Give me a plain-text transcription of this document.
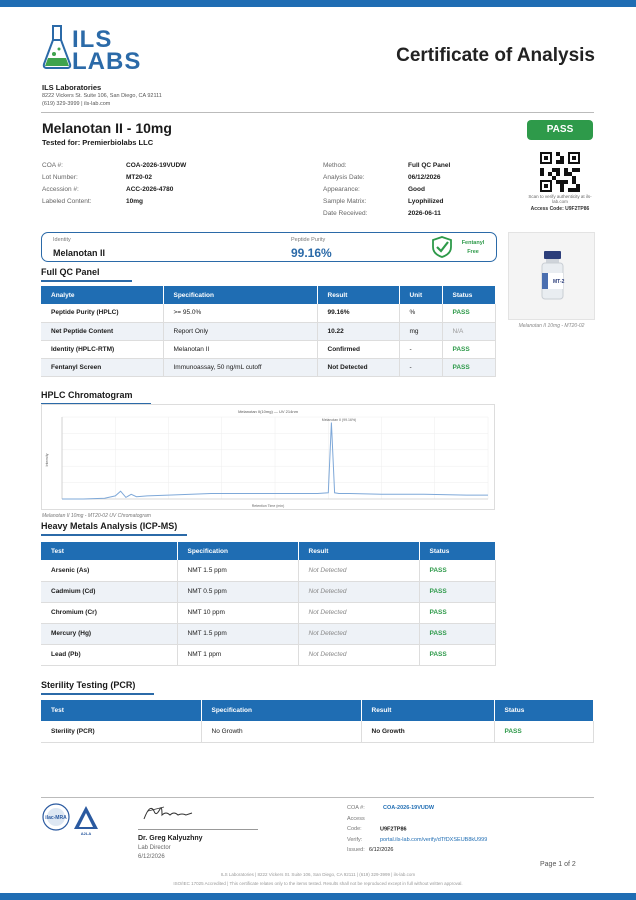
ILS
LABS	Certificate of Analysis
ILS Laboratories
8222 Vickers St. Suite 106, San Diego, CA 92111
(619) 329-3999 | ils-lab.com
Melanotan II - 10mg
Tested for: Premierbiolabs LLC
PASS
COA #:	COA-2026-19VUDW
Lot Number:	MT20-02
Accession #:	ACC-2026-4780
Labeled Content:	10mg
Method:	Full QC Panel
Analysis Date:	06/12/2026
Appearance:	Good
Sample Matrix:	Lyophilized
Date Received:	2026-06-11
Scan to verify authenticity at ils-lab.com
Access Code: U9F2TP86
Identity
Melanotan II
Peptide Purity
99.16%
Fentanyl
Free
MT-2
Melanotan II 10mg - MT20-02
Full QC Panel
Analyte	Specification	Result	Unit	Status
Peptide Purity (HPLC)	>= 95.0%	99.16%	%	PASS
Net Peptide Content	Report Only	10.22	mg	N/A
Identity (HPLC-RTM)	Melanotan II	Confirmed	-	PASS
Fentanyl Screen	Immunoassay, 50 ng/mL cutoff	Not Detected	-	PASS
HPLC Chromatogram
Melanotan II(10mg) — UV 214nm
Melanotan II (99.16%)
Retention Time (min)
Intensity
Melanotan II 10mg - MT20-02 UV Chromatogram
Heavy Metals Analysis (ICP-MS)
Test	Specification	Result	Status
Arsenic (As)	NMT 1.5 ppm	Not Detected	PASS
Cadmium (Cd)	NMT 0.5 ppm	Not Detected	PASS
Chromium (Cr)	NMT 10 ppm	Not Detected	PASS
Mercury (Hg)	NMT 1.5 ppm	Not Detected	PASS
Lead (Pb)	NMT 1 ppm	Not Detected	PASS
Sterility Testing (PCR)
Test	Specification	Result	Status
Sterility (PCR)	No Growth	No Growth	PASS
ilac-MRA
A2LA
Dr. Greg Kalyuzhny
Lab Director
6/12/2026
COA #:	COA-2026-19VUDW
Access Code:	U9F2TP86
Verify:	portal.ils-lab.com/verify/dTfDXSEUB8kU999
Issued: 6/12/2026
Page 1 of 2
ILS Laboratories | 8222 Vickers St. Suite 106, San Diego, CA 92111 | (619) 329-3999 | ils-lab.com
ISO/IEC 17025 Accredited | This certificate relates only to the items tested. Results shall not be reproduced except in full without written approval.
